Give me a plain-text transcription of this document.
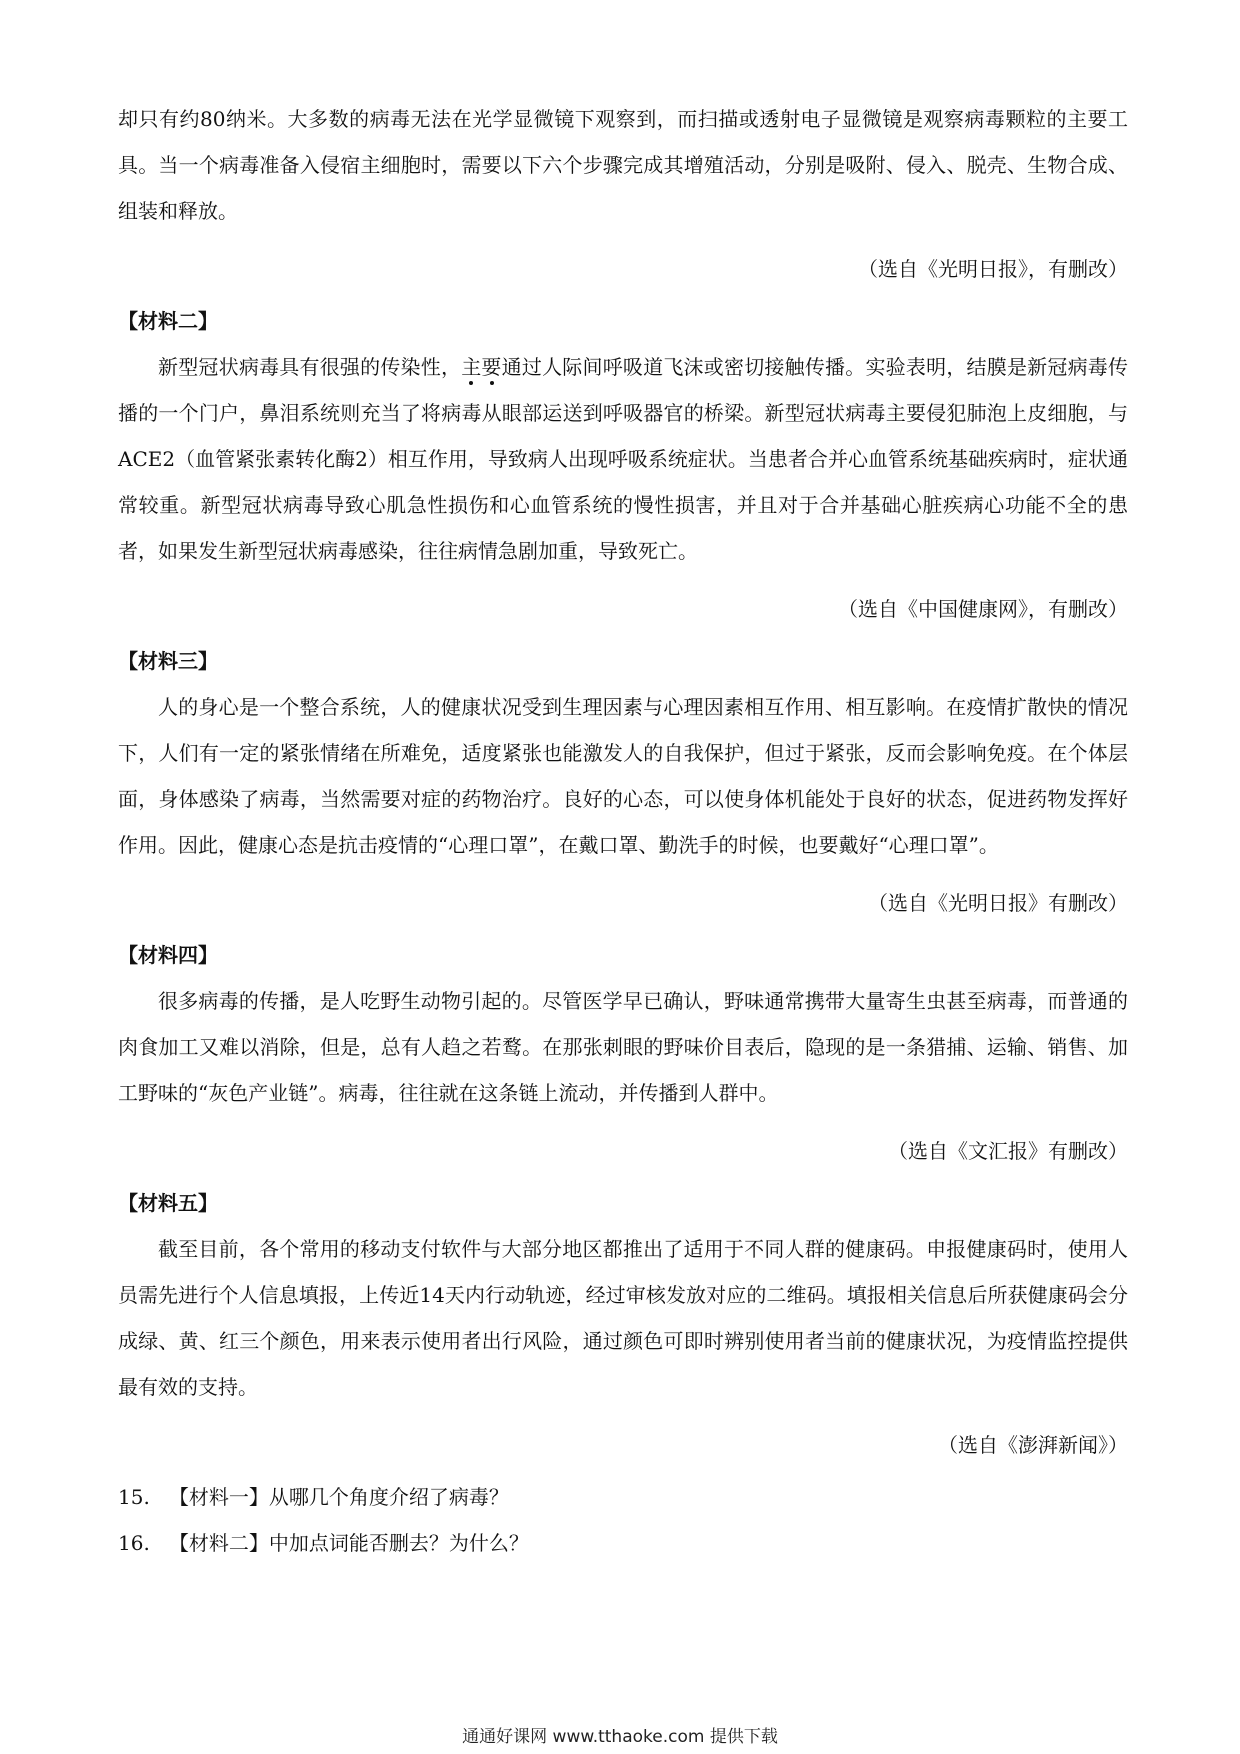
却只有约80纳米。大多数的病毒无法在光学显微镜下观察到，而扫描或透射电子显微镜是观察病毒颗粒的主要工具。当一个病毒准备入侵宿主细胞时，需要以下六个步骤完成其增殖活动，分别是吸附、侵入、脱壳、生物合成、组装和释放。

（选自《光明日报》，有删改）

【材料二】

新型冠状病毒具有很强的传染性，主要通过人际间呼吸道飞沫或密切接触传播。实验表明，结膜是新冠病毒传播的一个门户，鼻泪系统则充当了将病毒从眼部运送到呼吸器官的桥梁。新型冠状病毒主要侵犯肺泡上皮细胞，与ACE2（血管紧张素转化酶2）相互作用，导致病人出现呼吸系统症状。当患者合并心血管系统基础疾病时，症状通常较重。新型冠状病毒导致心肌急性损伤和心血管系统的慢性损害，并且对于合并基础心脏疾病心功能不全的患者，如果发生新型冠状病毒感染，往往病情急剧加重，导致死亡。

（选自《中国健康网》，有删改）

【材料三】

人的身心是一个整合系统，人的健康状况受到生理因素与心理因素相互作用、相互影响。在疫情扩散快的情况下，人们有一定的紧张情绪在所难免，适度紧张也能激发人的自我保护，但过于紧张，反而会影响免疫。在个体层面，身体感染了病毒，当然需要对症的药物治疗。良好的心态，可以使身体机能处于良好的状态，促进药物发挥好作用。因此，健康心态是抗击疫情的“心理口罩”，在戴口罩、勤洗手的时候，也要戴好“心理口罩”。

（选自《光明日报》有删改）

【材料四】

很多病毒的传播，是人吃野生动物引起的。尽管医学早已确认，野味通常携带大量寄生虫甚至病毒，而普通的肉食加工又难以消除，但是，总有人趋之若鹜。在那张刺眼的野味价目表后，隐现的是一条猎捕、运输、销售、加工野味的“灰色产业链”。病毒，往往就在这条链上流动，并传播到人群中。

（选自《文汇报》有删改）

【材料五】

截至目前，各个常用的移动支付软件与大部分地区都推出了适用于不同人群的健康码。申报健康码时，使用人员需先进行个人信息填报，上传近14天内行动轨迹，经过审核发放对应的二维码。填报相关信息后所获健康码会分成绿、黄、红三个颜色，用来表示使用者出行风险，通过颜色可即时辨别使用者当前的健康状况，为疫情监控提供最有效的支持。

（选自《澎湃新闻》）

15. 【材料一】从哪几个角度介绍了病毒？

16. 【材料二】中加点词能否删去？为什么？

通通好课网 www.tthaoke.com 提供下载
